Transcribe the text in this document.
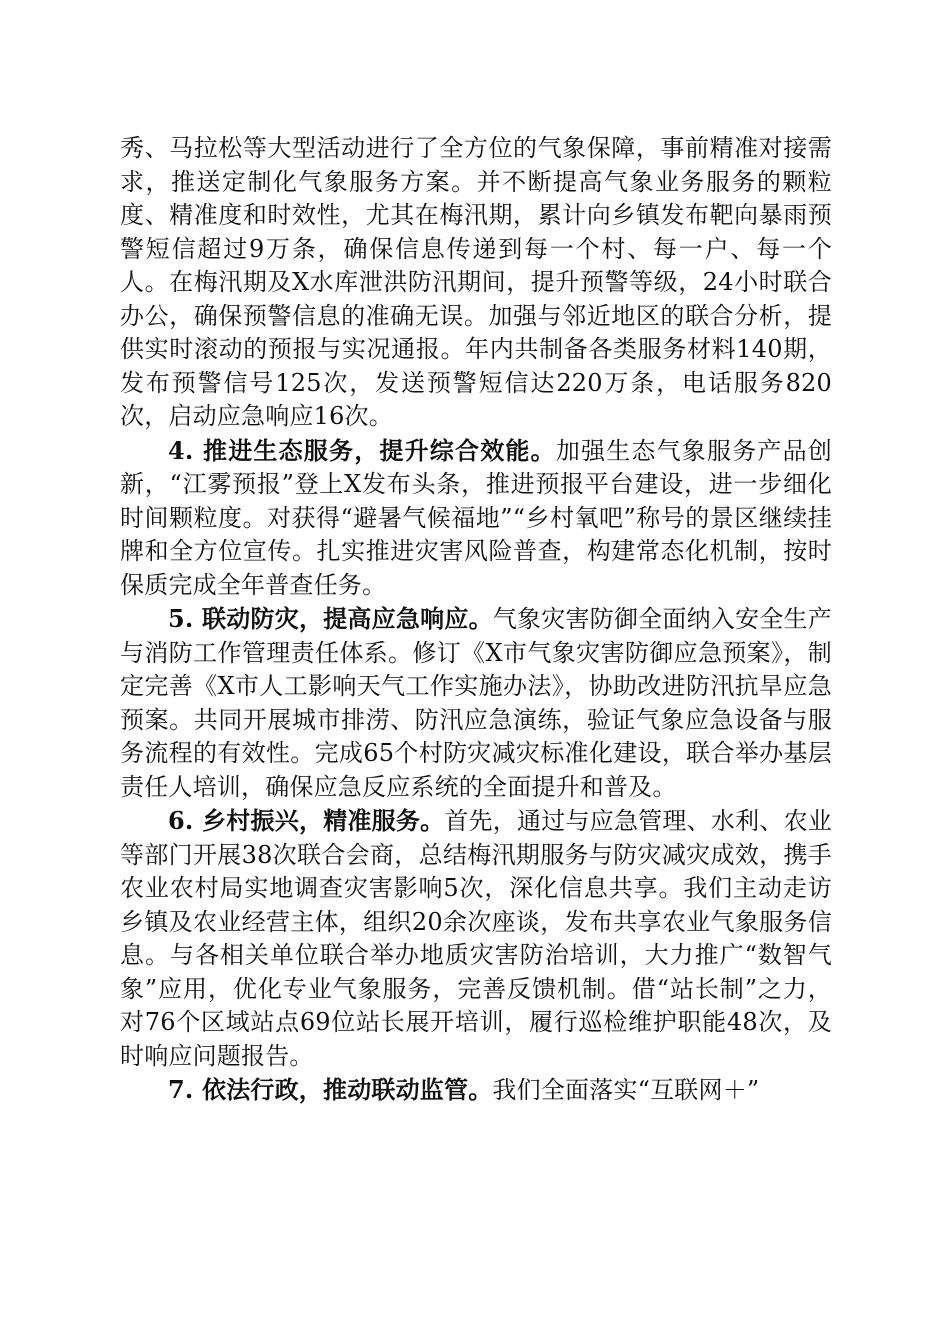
秀、马拉松等大型活动进行了全方位的气象保障，事前精准对接需求，推送定制化气象服务方案。并不断提高气象业务服务的颗粒度、精准度和时效性，尤其在梅汛期，累计向乡镇发布靶向暴雨预警短信超过9万条，确保信息传递到每一个村、每一户、每一个人。在梅汛期及X水库泄洪防汛期间，提升预警等级，24小时联合办公，确保预警信息的准确无误。加强与邻近地区的联合分析，提供实时滚动的预报与实况通报。年内共制备各类服务材料140期，发布预警信号125次，发送预警短信达220万条，电话服务820次，启动应急响应16次。

4. 推进生态服务，提升综合效能。加强生态气象服务产品创新，“江雾预报”登上X发布头条，推进预报平台建设，进一步细化时间颗粒度。对获得“避暑气候福地”“乡村氧吧”称号的景区继续挂牌和全方位宣传。扎实推进灾害风险普查，构建常态化机制，按时保质完成全年普查任务。

5. 联动防灾，提高应急响应。气象灾害防御全面纳入安全生产与消防工作管理责任体系。修订《X市气象灾害防御应急预案》，制定完善《X市人工影响天气工作实施办法》，协助改进防汛抗旱应急预案。共同开展城市排涝、防汛应急演练，验证气象应急设备与服务流程的有效性。完成65个村防灾减灾标准化建设，联合举办基层责任人培训，确保应急反应系统的全面提升和普及。

6. 乡村振兴，精准服务。首先，通过与应急管理、水利、农业等部门开展38次联合会商，总结梅汛期服务与防灾减灾成效，携手农业农村局实地调查灾害影响5次，深化信息共享。我们主动走访乡镇及农业经营主体，组织20余次座谈，发布共享农业气象服务信息。与各相关单位联合举办地质灾害防治培训，大力推广“数智气象”应用，优化专业气象服务，完善反馈机制。借“站长制”之力，对76个区域站点69位站长展开培训，履行巡检维护职能48次，及时响应问题报告。

7. 依法行政，推动联动监管。我们全面落实“互联网＋”
